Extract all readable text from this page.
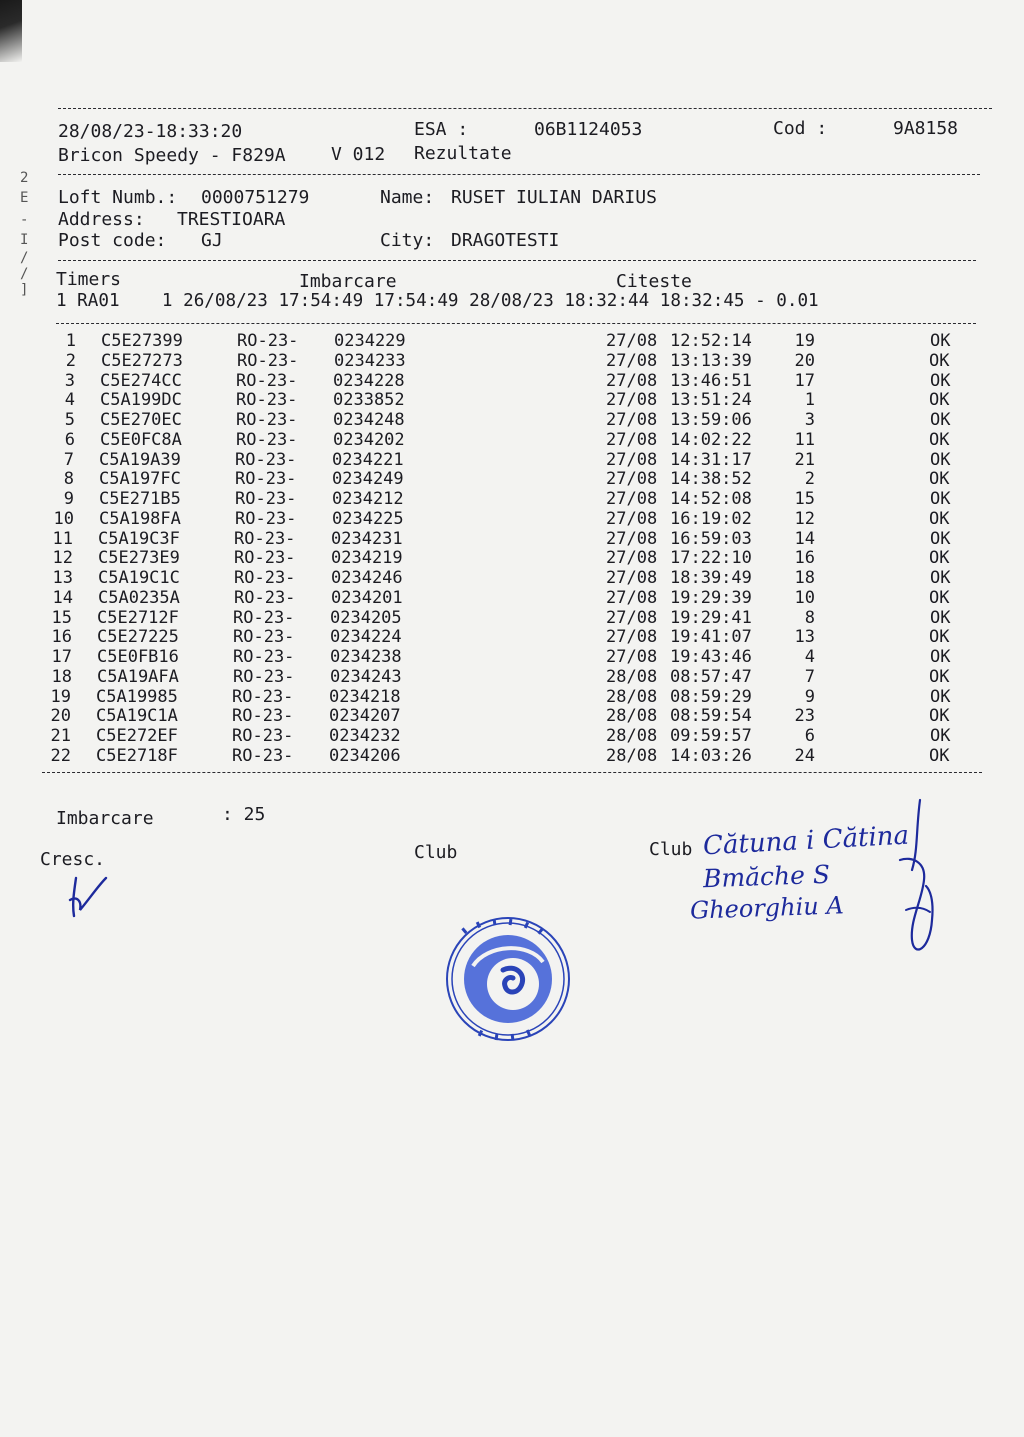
2
E
-
I
/
/
]
28/08/23-18:33:20	ESA :	06B1124053	Cod :	9A8158
Bricon Speedy - F829A	V 012 Rezultate
Loft Numb.: 0000751279	Name: RUSET IULIAN DARIUS
Address: TRESTIOARA
Post code: GJ	City: DRAGOTESTI
Timers	Imbarcare	Citeste
1 RA01    1 26/08/23 17:54:49 17:54:49 28/08/23 18:32:44 18:32:45 - 0.01
1 C5E27399	RO-23- 0234229	27/08 12:52:14	19	OK
2 C5E27273	RO-23- 0234233	27/08 13:13:39	20	OK
3 C5E274CC	RO-23- 0234228	27/08 13:46:51	17	OK
4 C5A199DC	RO-23- 0233852	27/08 13:51:24	1	OK
5 C5E270EC	RO-23- 0234248	27/08 13:59:06	3	OK
6 C5E0FC8A	RO-23- 0234202	27/08 14:02:22	11	OK
7 C5A19A39	RO-23- 0234221	27/08 14:31:17	21	OK
8 C5A197FC	RO-23- 0234249	27/08 14:38:52	2	OK
9 C5E271B5	RO-23- 0234212	27/08 14:52:08	15	OK
10 C5A198FA	RO-23- 0234225	27/08 16:19:02	12	OK
11 C5A19C3F	RO-23- 0234231	27/08 16:59:03	14	OK
12 C5E273E9	RO-23- 0234219	27/08 17:22:10	16	OK
13 C5A19C1C	RO-23- 0234246	27/08 18:39:49	18	OK
14 C5A0235A	RO-23- 0234201	27/08 19:29:39	10	OK
15 C5E2712F	RO-23- 0234205	27/08 19:29:41	8	OK
16 C5E27225	RO-23- 0234224	27/08 19:41:07	13	OK
17 C5E0FB16	RO-23- 0234238	27/08 19:43:46	4	OK
18 C5A19AFA	RO-23- 0234243	28/08 08:57:47	7	OK
19 C5A19985	RO-23- 0234218	28/08 08:59:29	9	OK
20 C5A19C1A	RO-23- 0234207	28/08 08:59:54	23	OK
21 C5E272EF	RO-23- 0234232	28/08 09:59:57	6	OK
22 C5E2718F	RO-23- 0234206	28/08 14:03:26	24	OK
Imbarcare	: 25
Cresc.	Club	Club Cătuna i Cătina
Bmăche S
Gheorghiu A
